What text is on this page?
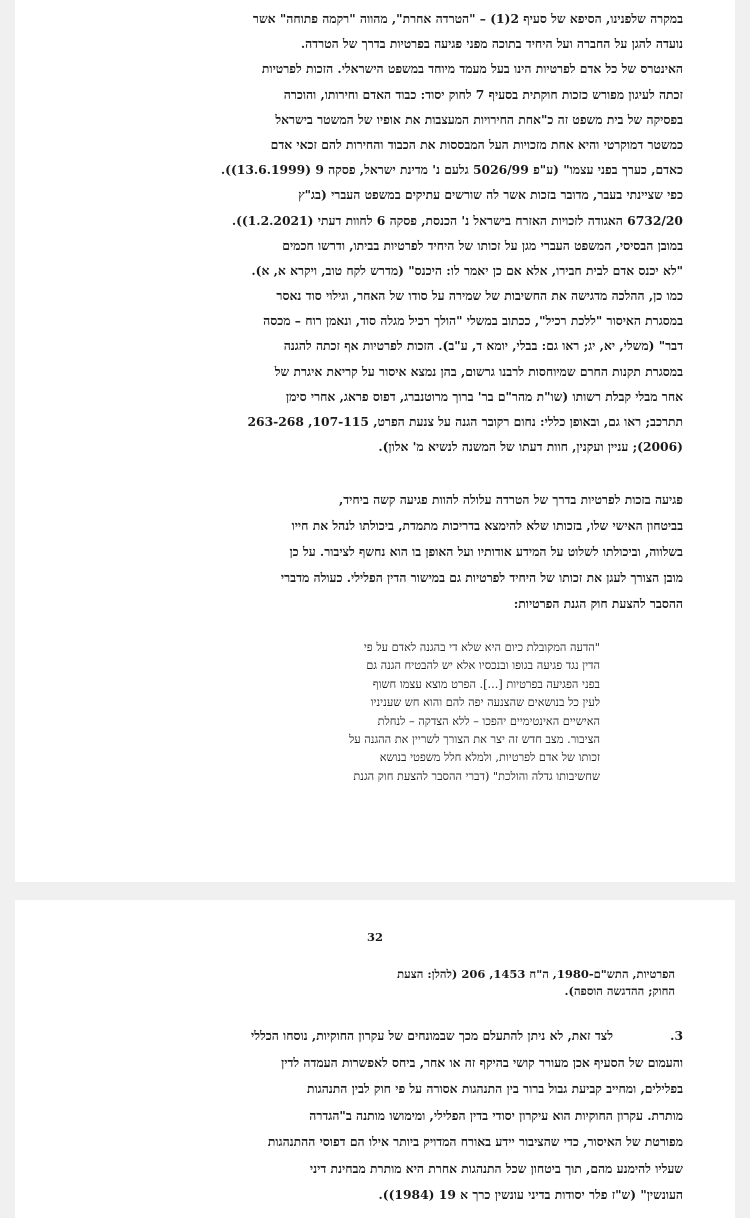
במקרה שלפנינו, הסיפא של סעיף 2(1) – "הטרדה אחרת", מהווה "רקמה פתוחה" אשר
נועדה להגן על החברה ועל היחיד בתוכה מפני פגיעה בפרטיות בדרך של הטרדה.
האינטרס של כל אדם לפרטיות הינו בעל מעמד מיוחד במשפט הישראלי. הזכות לפרטיות
זכתה לעיגון מפורש כזכות חוקתית בסעיף 7 לחוק יסוד: כבוד האדם וחירותו, והוכרה
בפסיקה של בית משפט זה כ"אחת החירויות המעצבות את אופיו של המשטר בישראל
כמשטר דמוקרטי והיא אחת מזכויות העל המבססות את הכבוד והחירות להם זכאי אדם
כאדם, כערך בפני עצמו" (ע"פ 5026/99 גלעם נ' מדינת ישראל, פסקה 9 (13.6.1999)).
כפי שציינתי בעבר, מדובר בזכות אשר לה שורשים עתיקים במשפט העברי (בג"ץ
6732/20 האגודה לזכויות האזרח בישראל נ' הכנסת, פסקה 6 לחוות דעתי (1.2.2021)).
במובן הבסיסי, המשפט העברי מגן על זכותו של היחיד לפרטיות בביתו, ודרשו חכמים
"לא יכנס אדם לבית חבירו, אלא אם כן יאמר לו: היכנס" (מדרש לקח טוב, ויקרא א, א).
כמו כן, ההלכה מדגישה את החשיבות של שמירה על סודו של האחר, וגילוי סוד נאסר
במסגרת האיסור "ללכת רכיל", ככתוב במשלי "הולך רכיל מגלה סוד, ונאמן רוח – מכסה
דבר" (משלי, יא, יג; ראו גם: בבלי, יומא ד, ע"ב). הזכות לפרטיות אף זכתה להגנה
במסגרת תקנות החרם שמיוחסות לרבנו גרשום, בהן נמצא איסור על קריאת איגרת של
אחר מבלי קבלת רשותו (שו"ת מהר"ם בר' ברוך מרוטנברג, דפוס פראג, אחרי סימן
תתרכב; ראו גם, ובאופן כללי: נחום רקובר הגנה על צנעת הפרט, 107-115, 263-268
(2006); עניין ועקנין, חוות דעתו של המשנה לנשיא מ' אלון).
פגיעה בזכות לפרטיות בדרך של הטרדה עלולה להוות פגיעה קשה ביחיד,
בביטחון האישי שלו, בזכותו שלא להימצא בדריכות מתמדת, ביכולתו לנהל את חייו
בשלווה, וביכולתו לשלוט על המידע אודותיו ועל האופן בו הוא נחשף לציבור. על כן
מובן הצורך לעגן את זכותו של היחיד לפרטיות גם במישור הדין הפלילי. כעולה מדברי
ההסבר להצעת חוק הגנת הפרטיות:
"הדעה המקובלת כיום היא שלא די בהגנה לאדם על פי
הדין נגד פגיעה בגופו ובנכסיו אלא יש להבטיח הגנה גם
בפני הפגיעה בפרטיות [...]. הפרט מוצא עצמו חשוף
לעין כל בנושאים שהצנעה יפה להם והוא חש שעניניו
האישיים האינטימיים יהפכו – ללא הצדקה – לנחלת
הציבור. מצב חדש זה יצר את הצורך לשריין את ההגנה על
זכותו של אדם לפרטיות, ולמלא חלל משפטי בנושא
שחשיבותו גדלה והולכת" (דברי ההסבר להצעת חוק הגנת
32
הפרטיות, התש"ם-1980, ה"ח 1453, 206 (להלן: הצעת
החוק; ההדגשה הוספה).
3.לצד זאת, לא ניתן להתעלם מכך שבמונחים של עקרון החוקיות, נוסחו הכללי
והעמום של הסעיף אכן מעורר קושי בהיקף זה או אחר, ביחס לאפשרות העמדה לדין
בפלילים, ומחייב קביעת גבול ברור בין התנהגות אסורה על פי חוק לבין התנהגות
מותרת. עקרון החוקיות הוא עיקרון יסודי בדין הפלילי, ומימושו מותנה ב"הגדרה
מפורטת של האיסור, כדי שהציבור יידע באורח המדויק ביותר אילו הם דפוסי ההתנהגות
שעליו להימנע מהם, תוך ביטחון שכל התנהגות אחרת היא מותרת מבחינת דיני
העונשין" (ש"ז פלר יסודות בדיני עונשין כרך א 19 (1984)).
